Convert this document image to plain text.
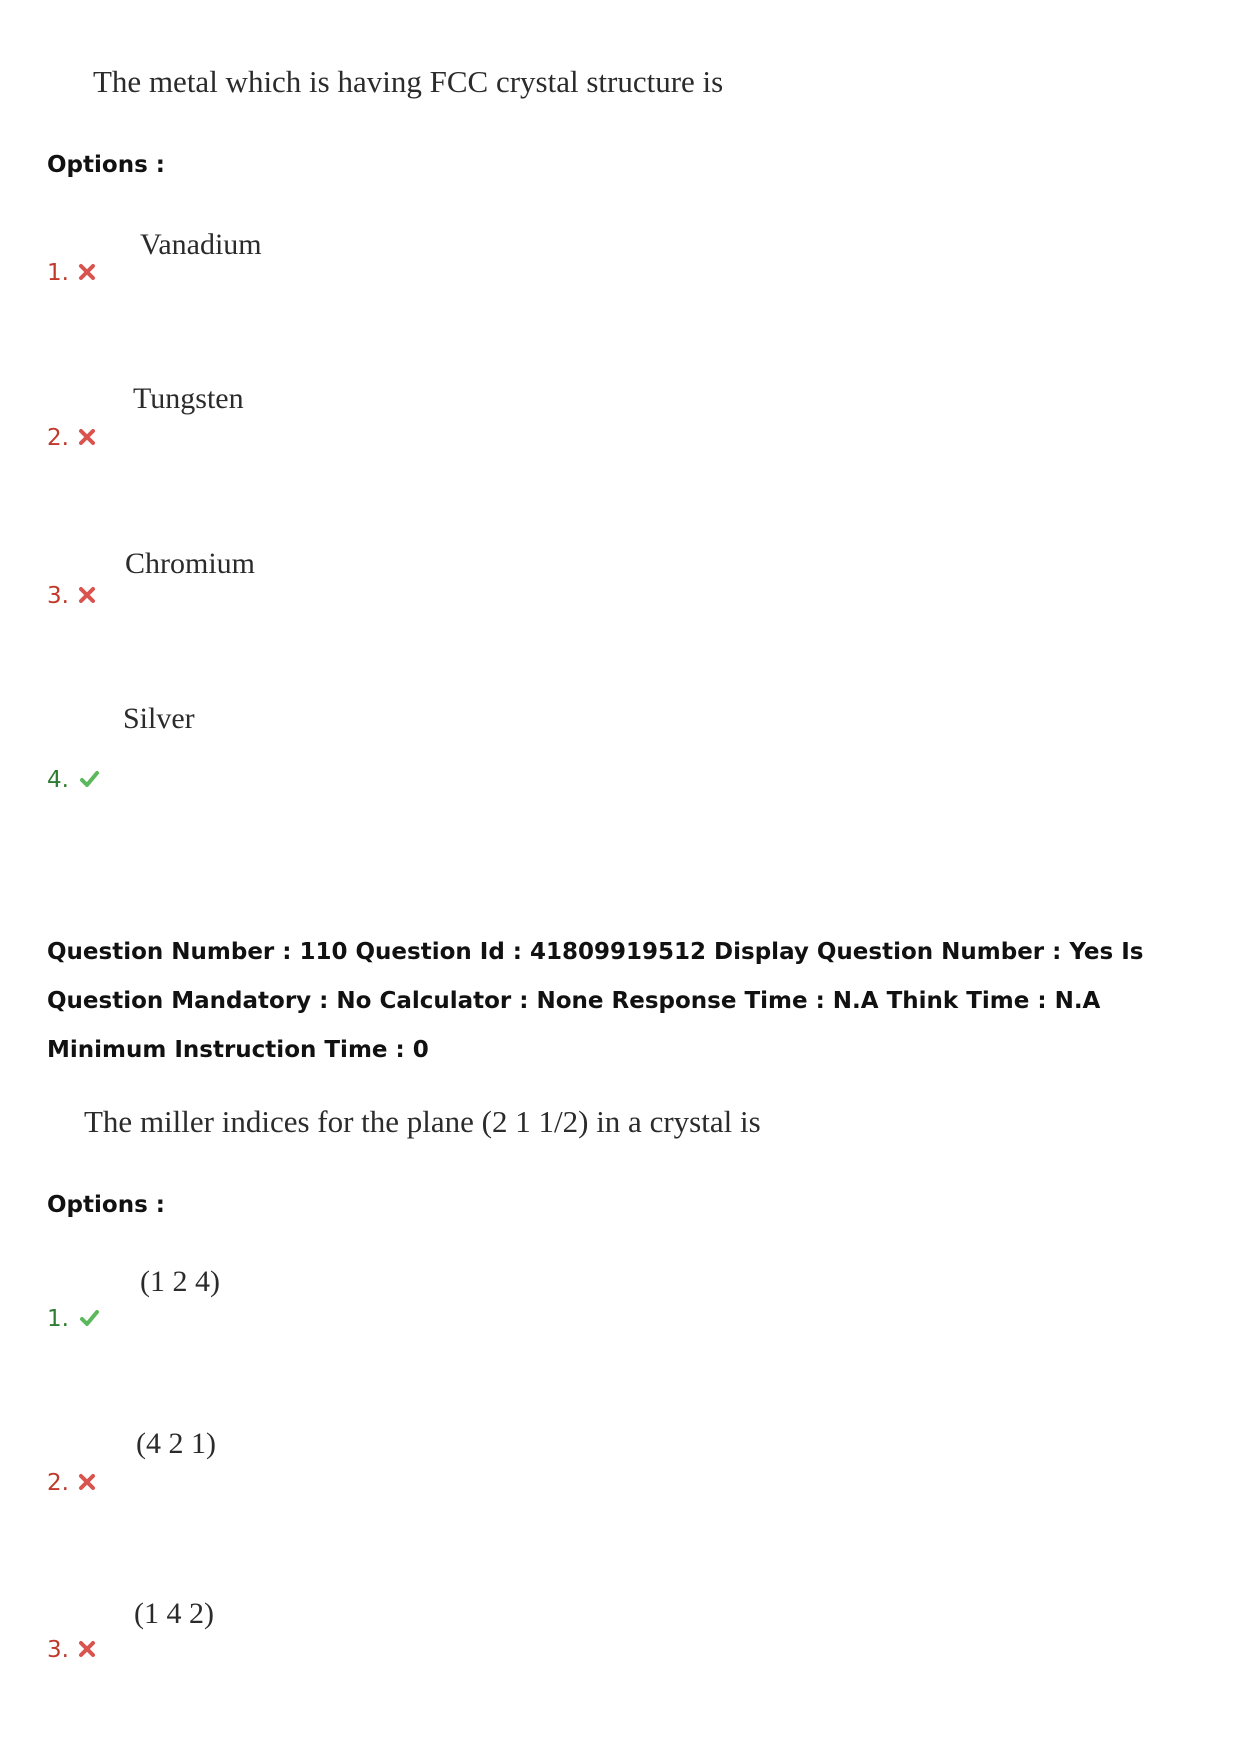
The metal which is having FCC crystal structure is
Options :
Vanadium
1.
Tungsten
2.
Chromium
3.
Silver
4.
Question Number : 110 Question Id : 41809919512 Display Question Number : Yes Is Question Mandatory : No Calculator : None Response Time : N.A Think Time : N.A Minimum Instruction Time : 0
The miller indices for the plane (2 1 1/2) in a crystal is
Options :
(1 2 4)
1.
(4 2 1)
2.
(1 4 2)
3.
